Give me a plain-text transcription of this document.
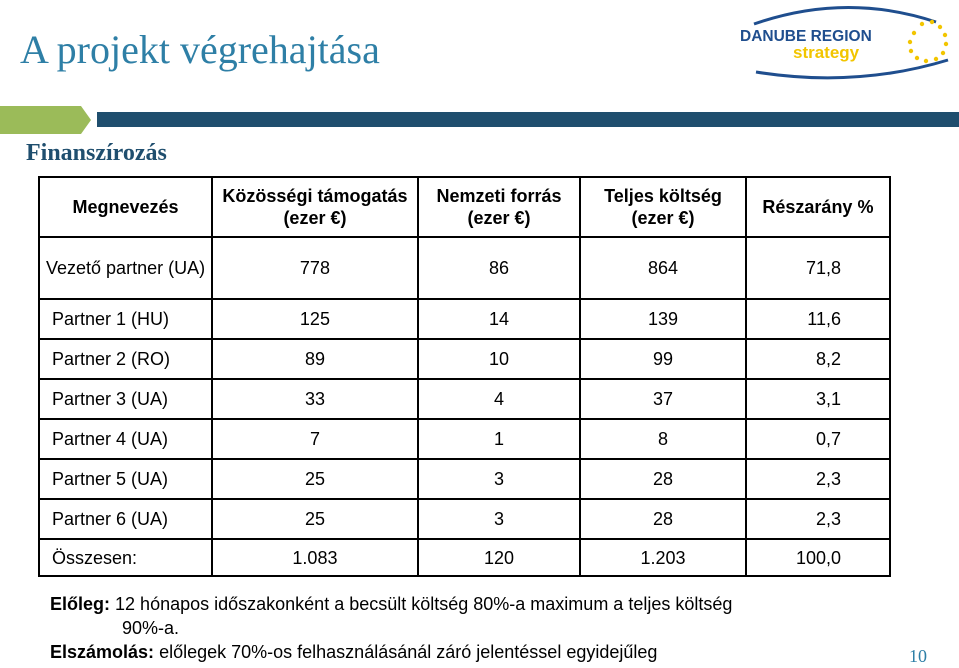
A projekt végrehajtása	DANUBE REGION
strategy
Finanszírozás
Megnevezés	Közösségi támogatás (ezer €)	Nemzeti forrás (ezer €)	Teljes költség (ezer €)	Részarány %
Vezető partner (UA)	778	86	864	71,8
Partner 1 (HU)	125	14	139	11,6
Partner 2 (RO)	89	10	99	8,2
Partner 3 (UA)	33	4	37	3,1
Partner 4 (UA)	7	1	8	0,7
Partner 5 (UA)	25	3	28	2,3
Partner 6 (UA)	25	3	28	2,3
Összesen:	1.083	120	1.203	100,0

Előleg: 12 hónapos időszakonként a becsült költség 80%-a maximum a teljes költség

90%-a.

Elszámolás: előlegek 70%-os felhasználásánál záró jelentéssel egyidejűleg	10
